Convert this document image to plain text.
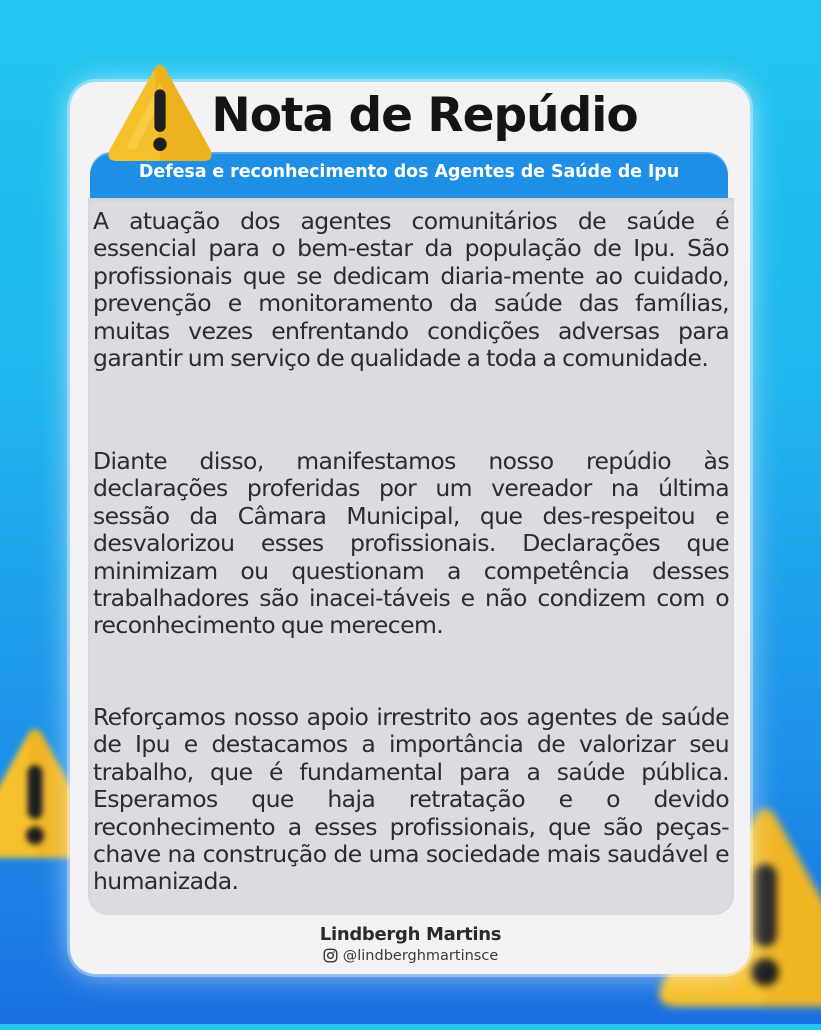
Defesa e reconhecimento dos Agentes de Saúde de Ipu
Nota de Repúdio

A atuação dos agentes comunitários de saúde é essencial para o bem-estar da população de Ipu. São profissionais que se dedicam diaria-mente ao cuidado, prevenção e monitoramento da saúde das famílias, muitas vezes enfrentando condições adversas para garantir um serviço de qualidade a toda a comunidade.

Diante disso, manifestamos nosso repúdio às declarações proferidas por um vereador na última sessão da Câmara Municipal, que des-respeitou e desvalorizou esses profissionais. Declarações que minimizam ou questionam a competência desses trabalhadores são inacei-táveis e não condizem com o reconhecimento que merecem.

Reforçamos nosso apoio irrestrito aos agentes de saúde de Ipu e destacamos a importância de valorizar seu trabalho, que é fundamental para a saúde pública. Esperamos que haja retratação e o devido reconhecimento a esses profissionais, que são peças-chave na construção de uma sociedade mais saudável e humanizada.

Lindbergh Martins
@lindberghmartinsce
